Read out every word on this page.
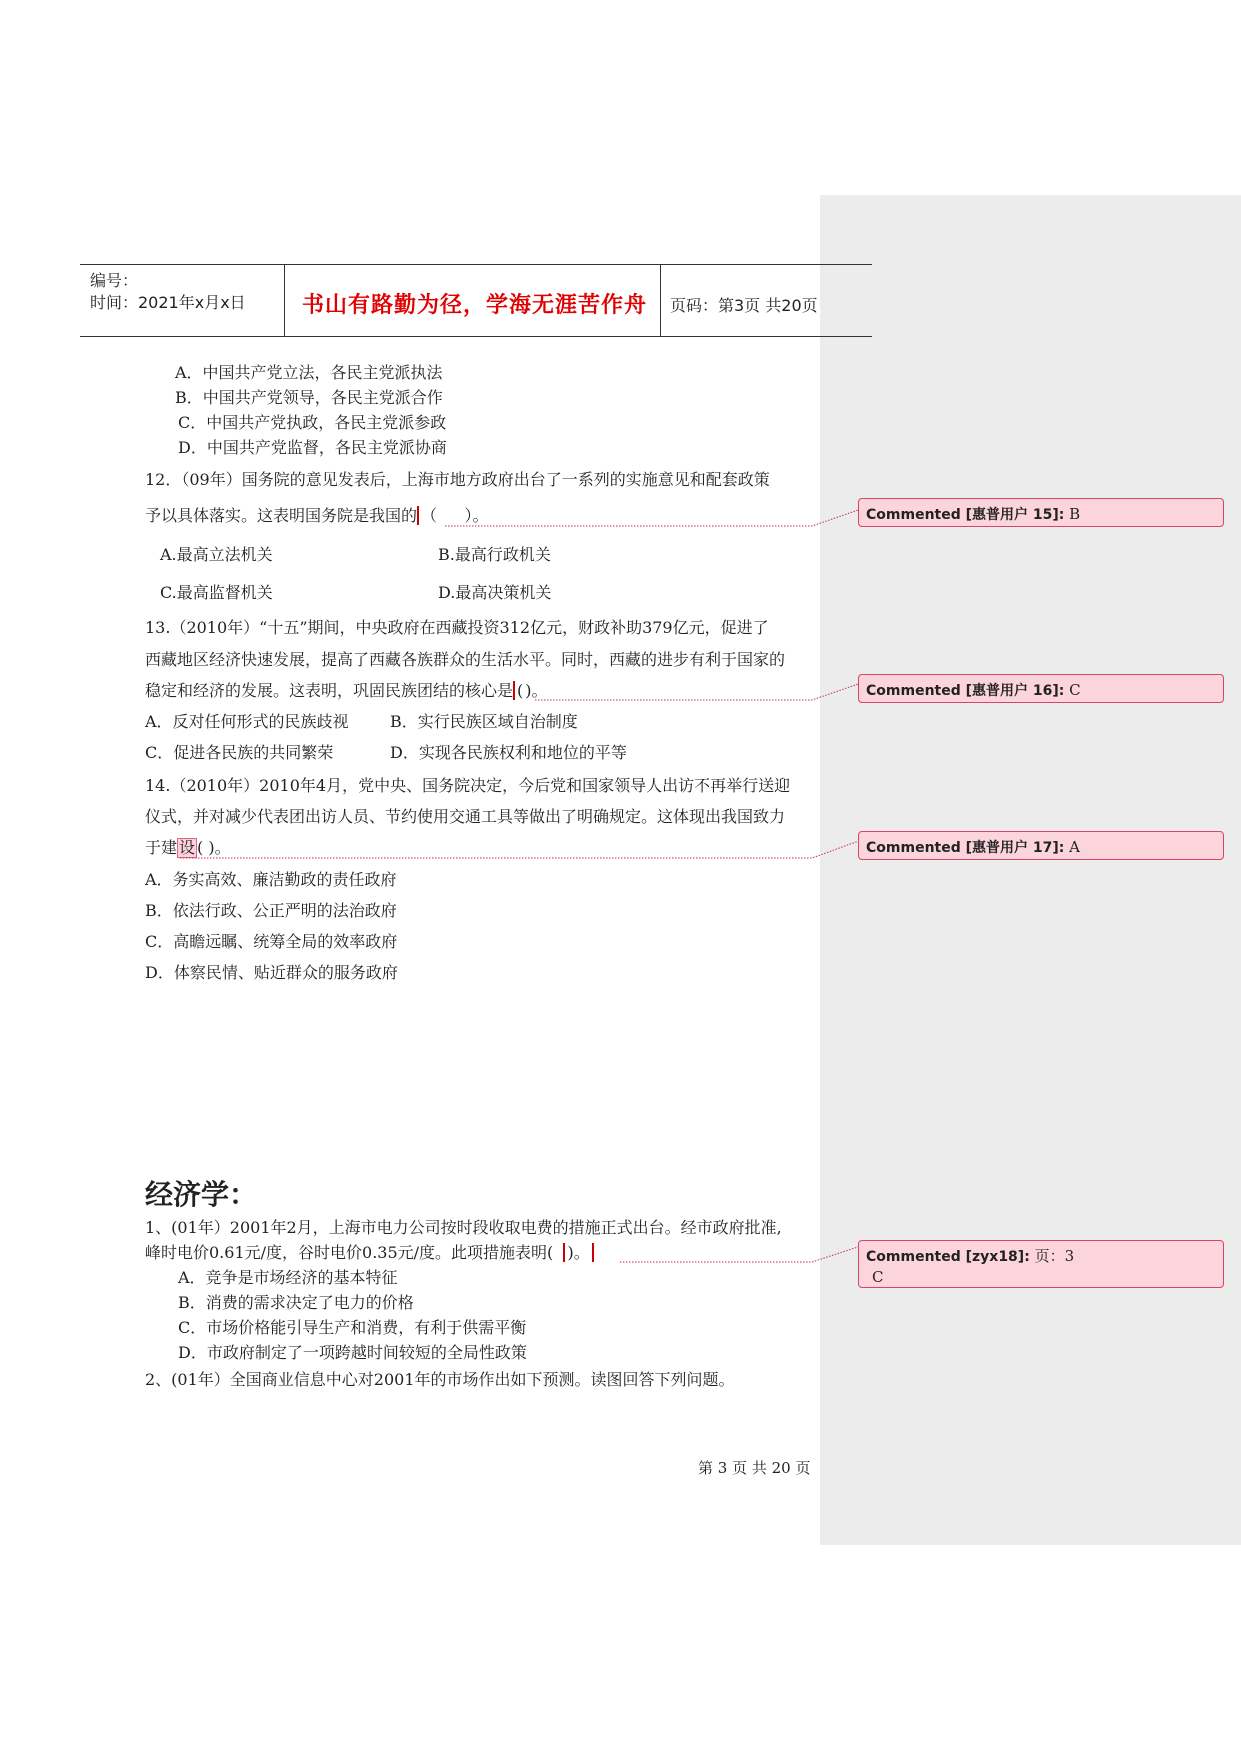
编号：
时间：2021年x月x日	书山有路勤为径，学海无涯苦作舟 页码：第3页 共20页
A．中国共产党立法，各民主党派执法
B．中国共产党领导，各民主党派合作
C．中国共产党执政，各民主党派参政
D．中国共产党监督，各民主党派协商
12．（09年）国务院的意见发表后，上海市地方政府出台了一系列的实施意见和配套政策
予以具体落实。这表明国务院是我国的 （ ）。
A.最高立法机关	B.最高行政机关
C.最高监督机关	D.最高决策机关
13.（2010年）“十五”期间，中央政府在西藏投资312亿元，财政补助379亿元，促进了
西藏地区经济快速发展，提高了西藏各族群众的生活水平。同时，西藏的进步有利于国家的
稳定和经济的发展。这表明，巩固民族团结的核心是 ( )。
A．反对任何形式的民族歧视	B．实行民族区域自治制度
C．促进各民族的共同繁荣	D．实现各民族权利和地位的平等
14.（2010年）2010年4月，党中央、国务院决定，今后党和国家领导人出访不再举行送迎
仪式，并对减少代表团出访人员、节约使用交通工具等做出了明确规定。这体现出我国致力
于建 设 ( )。
A．务实高效、廉洁勤政的责任政府
B．依法行政、公正严明的法治政府
C．高瞻远瞩、统筹全局的效率政府
D．体察民情、贴近群众的服务政府
经济学：
1、(01年）2001年2月，上海市电力公司按时段收取电费的措施正式出台。经市政府批准,
峰时电价0.61元/度，谷时电价0.35元/度。此项措施表明( )。
A．竞争是市场经济的基本特征
B．消费的需求决定了电力的价格
C．市场价格能引导生产和消费，有利于供需平衡
D．市政府制定了一项跨越时间较短的全局性政策
2、(01年）全国商业信息中心对2001年的市场作出如下预测。读图回答下列问题。
第 3 页 共 20 页
Commented [惠普用户 15]: B
Commented [惠普用户 16]: C
Commented [惠普用户 17]: A
Commented [zyx18]: 页：3
C
